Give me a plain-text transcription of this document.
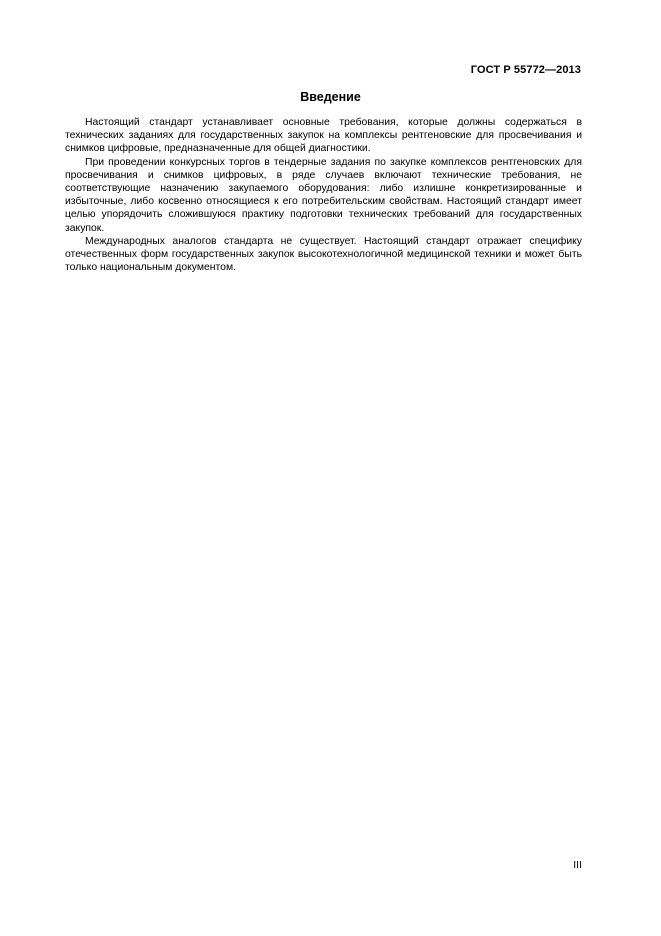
ГОСТ Р 55772—2013
Введение

Настоящий стандарт устанавливает основные требования, которые должны содержаться в технических заданиях для государственных закупок на комплексы рентгеновские для просвечивания и снимков цифровые, предназначенные для общей диагностики.

При проведении конкурсных торгов в тендерные задания по закупке комплексов рентгеновских для просвечивания и снимков цифровых, в ряде случаев включают технические требования, не соответствующие назначению закупаемого оборудования: либо излишне конкретизированные и избыточные, либо косвенно относящиеся к его потребительским свойствам. Настоящий стандарт имеет целью упорядочить сложившуюся практику подготовки технических требований для государственных закупок.

Международных аналогов стандарта не существует. Настоящий стандарт отражает специфику отечественных форм государственных закупок высокотехнологичной медицинской техники и может быть только национальным документом.

III
